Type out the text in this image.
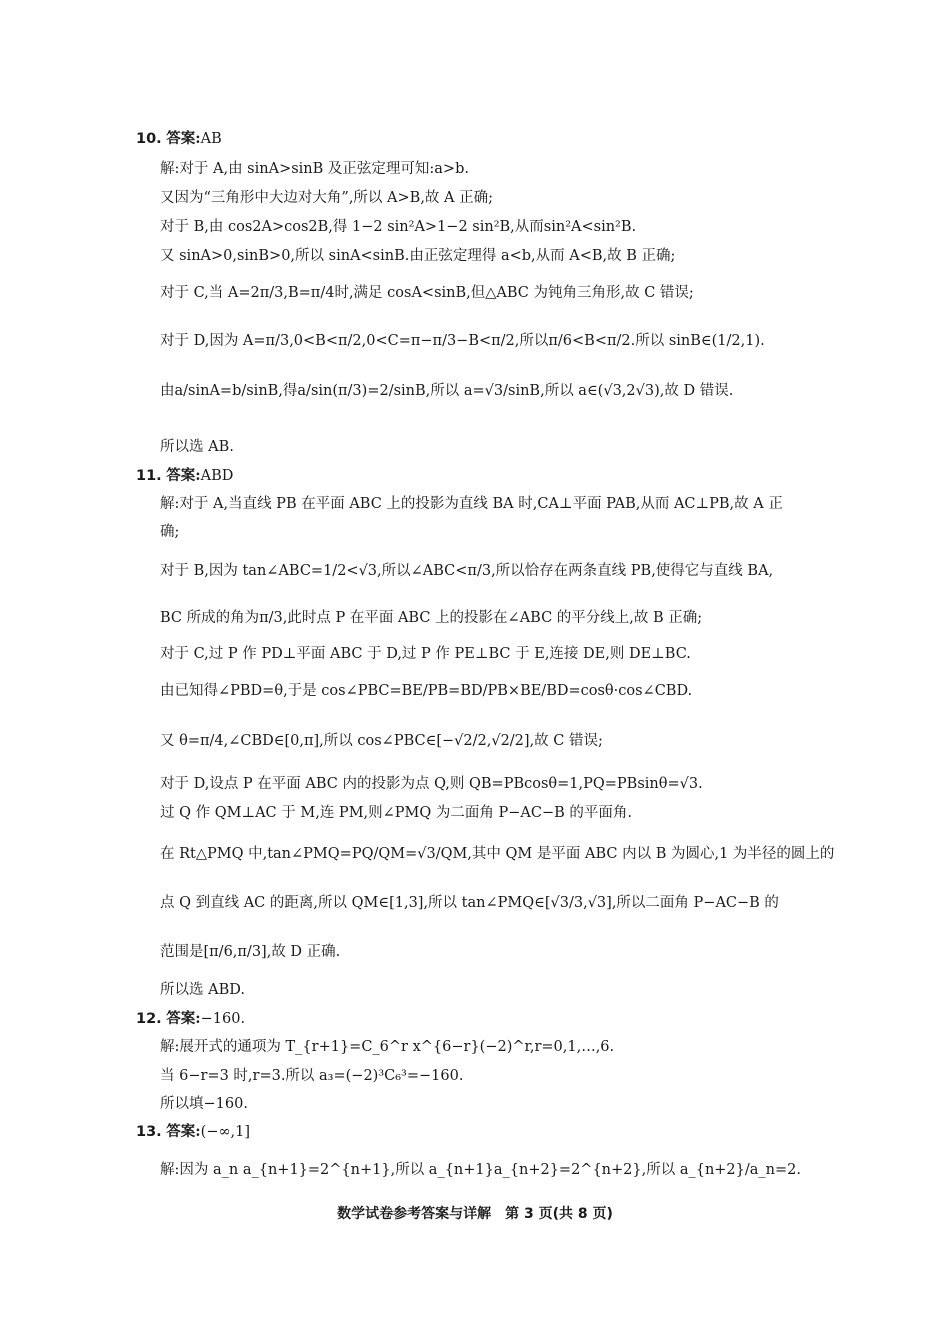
10. 答案:AB
解:对于 A,由 sinA>sinB 及正弦定理可知:a>b.
又因为“三角形中大边对大角”,所以 A>B,故 A 正确;
对于 B,由 cos2A>cos2B,得 1−2 sin²A>1−2 sin²B,从而sin²A<sin²B.
又 sinA>0,sinB>0,所以 sinA<sinB.由正弦定理得 a<b,从而 A<B,故 B 正确;
对于 C,当 A=2π/3,B=π/4时,满足 cosA<sinB,但△ABC 为钝角三角形,故 C 错误;
对于 D,因为 A=π/3,0<B<π/2,0<C=π−π/3−B<π/2,所以π/6<B<π/2.所以 sinB∈(1/2,1).
由a/sinA=b/sinB,得a/sin(π/3)=2/sinB,所以 a=√3/sinB,所以 a∈(√3,2√3),故 D 错误.
所以选 AB.
11. 答案:ABD
解:对于 A,当直线 PB 在平面 ABC 上的投影为直线 BA 时,CA⊥平面 PAB,从而 AC⊥PB,故 A 正
确;
对于 B,因为 tan∠ABC=1/2<√3,所以∠ABC<π/3,所以恰存在两条直线 PB,使得它与直线 BA,
BC 所成的角为π/3,此时点 P 在平面 ABC 上的投影在∠ABC 的平分线上,故 B 正确;
对于 C,过 P 作 PD⊥平面 ABC 于 D,过 P 作 PE⊥BC 于 E,连接 DE,则 DE⊥BC.
由已知得∠PBD=θ,于是 cos∠PBC=BE/PB=BD/PB×BE/BD=cosθ·cos∠CBD.
又 θ=π/4,∠CBD∈[0,π],所以 cos∠PBC∈[−√2/2,√2/2],故 C 错误;
对于 D,设点 P 在平面 ABC 内的投影为点 Q,则 QB=PBcosθ=1,PQ=PBsinθ=√3.
过 Q 作 QM⊥AC 于 M,连 PM,则∠PMQ 为二面角 P−AC−B 的平面角.
在 Rt△PMQ 中,tan∠PMQ=PQ/QM=√3/QM,其中 QM 是平面 ABC 内以 B 为圆心,1 为半径的圆上的
点 Q 到直线 AC 的距离,所以 QM∈[1,3],所以 tan∠PMQ∈[√3/3,√3],所以二面角 P−AC−B 的
范围是[π/6,π/3],故 D 正确.
所以选 ABD.
12. 答案:−160.
解:展开式的通项为 T_{r+1}=C_6^r x^{6−r}(−2)^r,r=0,1,…,6.
当 6−r=3 时,r=3.所以 a₃=(−2)³C₆³=−160.
所以填−160.
13. 答案:(−∞,1]
解:因为 a_n a_{n+1}=2^{n+1},所以 a_{n+1}a_{n+2}=2^{n+2},所以 a_{n+2}/a_n=2.
数学试卷参考答案与详解　第 3 页(共 8 页)
